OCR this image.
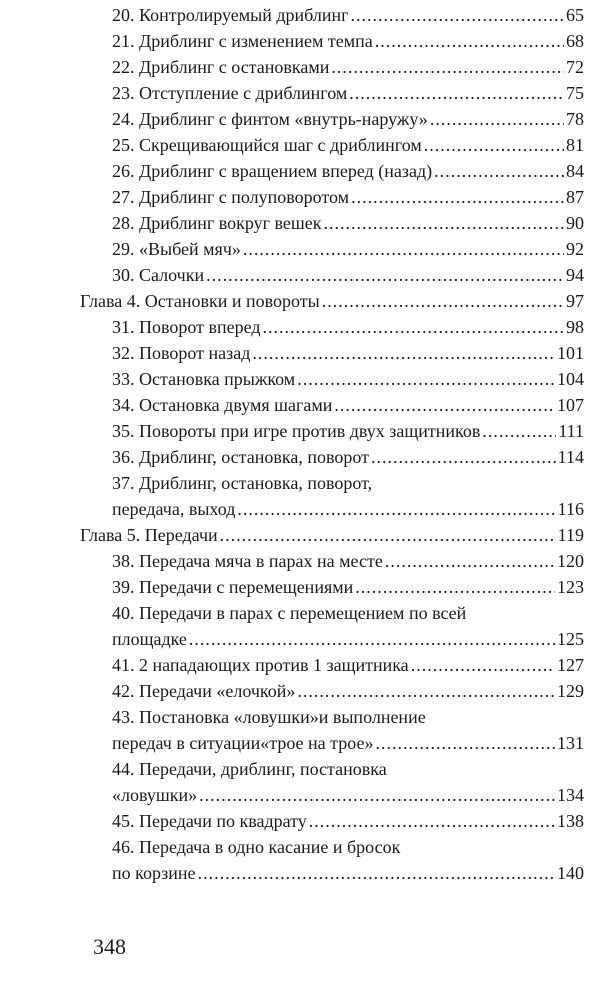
20. Контролируемый дриблинг .....	65
21. Дриблинг с изменением темпа .....	68
22. Дриблинг с остановками .....	72
23. Отступление с дриблингом .....	75
24. Дриблинг с финтом «внутрь-наружу» .....	78
25. Скрещивающийся шаг с дриблингом .....	81
26. Дриблинг с вращением вперед (назад) .....	84
27. Дриблинг с полуповоротом .....	87
28. Дриблинг вокруг вешек .....	90
29. «Выбей мяч» .....	92
30. Салочки .....	94
Глава 4. Остановки и повороты .....	97
31. Поворот вперед .....	98
32. Поворот назад .....	101
33. Остановка прыжком .....	104
34. Остановка двумя шагами .....	107
35. Повороты при игре против двух защитников .....	111
36. Дриблинг, остановка, поворот .....	114
37. Дриблинг, остановка, поворот,
передача, выход .....	116
Глава 5. Передачи .....	119
38. Передача мяча в парах на месте .....	120
39. Передачи с перемещениями .....	123
40. Передачи в парах с перемещением по всей
площадке .....	125
41. 2 нападающих против 1 защитника .....	127
42. Передачи «елочкой» .....	129
43. Постановка «ловушки»и выполнение
передач в ситуации«трое на трое» .....	131
44. Передачи, дриблинг, постановка
«ловушки» .....	134
45. Передачи по квадрату .....	138
46. Передача в одно касание и бросок
по корзине .....	140
348
